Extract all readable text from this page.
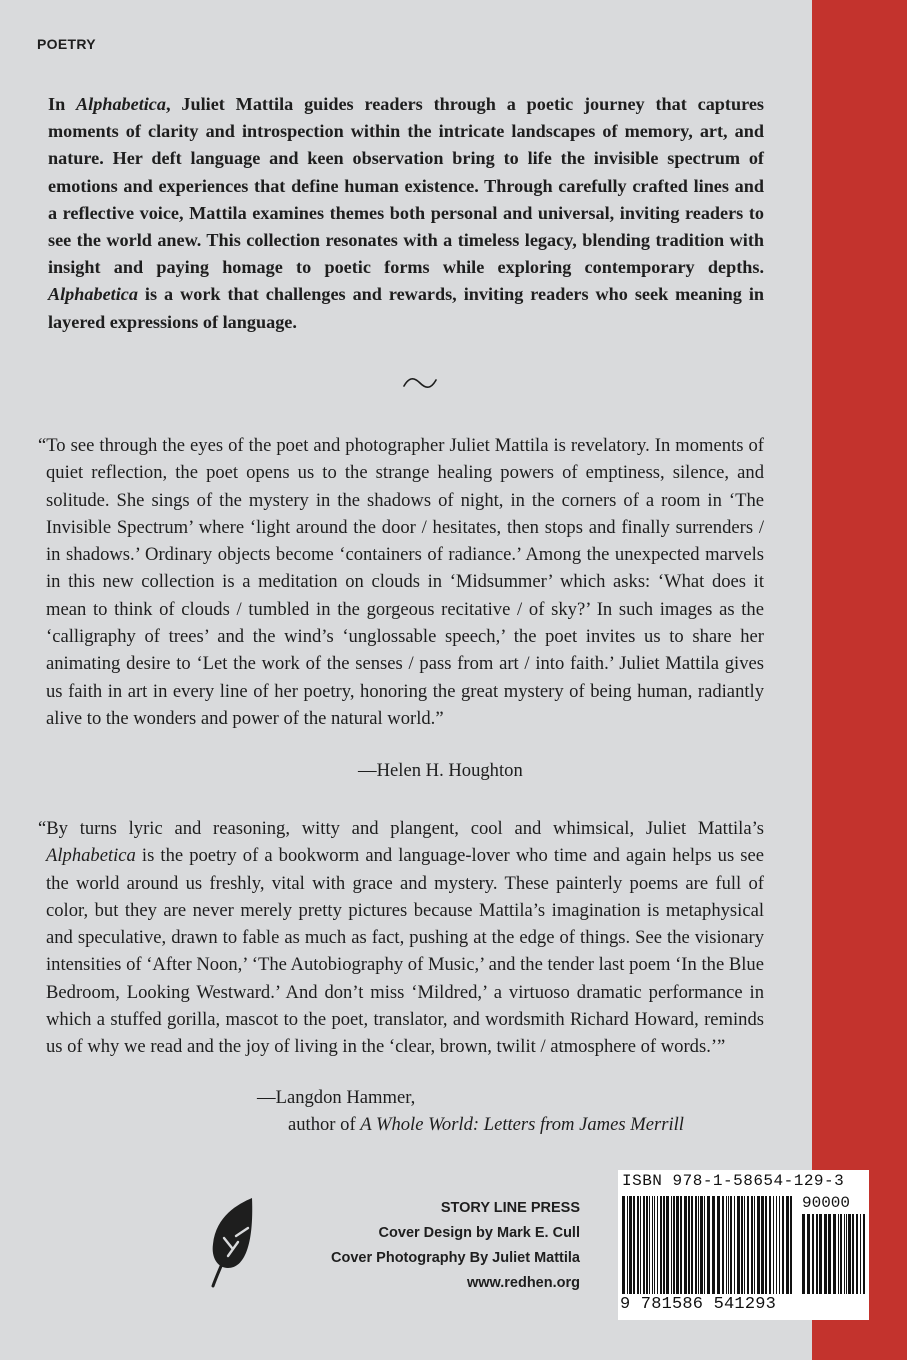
POETRY

In Alphabetica, Juliet Mattila guides readers through a poetic journey that captures moments of clarity and introspection within the intricate landscapes of memory, art, and nature. Her deft language and keen observation bring to life the invisible spectrum of emotions and experiences that define human existence. Through carefully crafted lines and a reflective voice, Mattila examines themes both personal and universal, inviting readers to see the world anew. This collection resonates with a timeless legacy, blending tradition with insight and paying homage to poetic forms while exploring contemporary depths. Alphabetica is a work that challenges and rewards, inviting readers who seek meaning in layered expressions of language.

“To see through the eyes of the poet and photographer Juliet Mattila is revelatory. In moments of quiet reflection, the poet opens us to the strange healing powers of emptiness, silence, and solitude. She sings of the mystery in the shadows of night, in the corners of a room in ‘The Invisible Spectrum’ where ‘light around the door / hesitates, then stops and finally surrenders / in shadows.’ Ordinary objects become ‘containers of radiance.’ Among the unexpected marvels in this new collection is a meditation on clouds in ‘Midsummer’ which asks: ‘What does it mean to think of clouds / tumbled in the gorgeous recitative / of sky?’ In such images as the ‘calligraphy of trees’ and the wind’s ‘unglossable speech,’ the poet invites us to share her animating desire to ‘Let the work of the senses / pass from art / into faith.’ Juliet Mattila gives us faith in art in every line of her poetry, honoring the great mystery of being human, radiantly alive to the wonders and power of the natural world.”

—Helen H. Houghton

“By turns lyric and reasoning, witty and plangent, cool and whimsical, Juliet Mattila’s Alphabetica is the poetry of a bookworm and language-lover who time and again helps us see the world around us freshly, vital with grace and mystery. These painterly poems are full of color, but they are never merely pretty pictures because Mattila’s imagination is metaphysical and speculative, drawn to fable as much as fact, pushing at the edge of things. See the visionary intensities of ‘After Noon,’ ‘The Autobiography of Music,’ and the tender last poem ‘In the Blue Bedroom, Looking Westward.’ And don’t miss ‘Mildred,’ a virtuoso dramatic performance in which a stuffed gorilla, mascot to the poet, translator, and wordsmith Richard Howard, reminds us of why we read and the joy of living in the ‘clear, brown, twilit / atmosphere of words.’”

—Langdon Hammer,
author of A Whole World: Letters from James Merrill
STORY LINE PRESS
Cover Design by Mark E. Cull
Cover Photography By Juliet Mattila
www.redhen.org
ISBN 978-1-58654-129-3
90000
9 781586 541293
